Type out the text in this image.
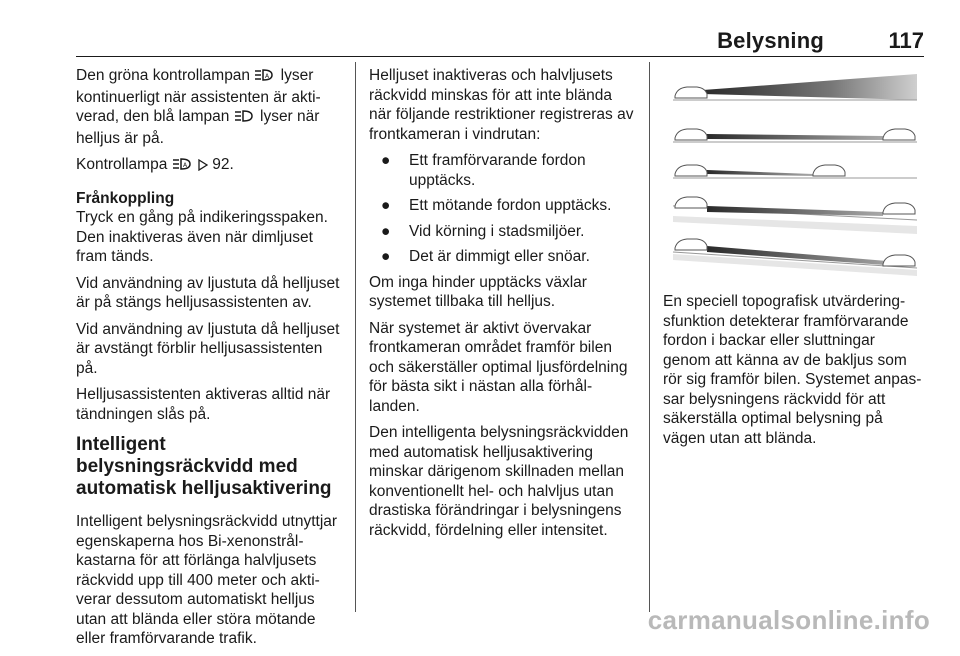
Belysning	117

Den gröna kontrollampan A lyser kontinuerligt när assistenten är aktiverad, den blå lampan  lyser när helljus är på.

Kontrollampa A 92.

Frånkoppling

Tryck en gång på indikeringsspaken. Den inaktiveras även när dimljuset fram tänds.

Vid användning av ljustuta då helljuset är på stängs helljusassistenten av.

Vid användning av ljustuta då helljuset är avstängt förblir helljusassistenten på.

Helljusassistenten aktiveras alltid när tändningen slås på.

Intelligent belysningsräckvidd med automatisk helljusaktivering

Intelligent belysningsräckvidd utnyttjar egenskaperna hos Bi-xenonstrålkastarna för att förlänga halvljusets räckvidd upp till 400 meter och aktiverar dessutom automatiskt helljus utan att blända eller störa mötande eller framförvarande trafik.

Helljuset inaktiveras och halvljusets räckvidd minskas för att inte blända när följande restriktioner registreras av frontkameran i vindrutan:

● Ett framförvarande fordon upptäcks.
● Ett mötande fordon upptäcks.
● Vid körning i stadsmiljöer.
● Det är dimmigt eller snöar.

Om inga hinder upptäcks växlar systemet tillbaka till helljus.

När systemet är aktivt övervakar frontkameran området framför bilen och säkerställer optimal ljusfördelning för bästa sikt i nästan alla förhållanden.

Den intelligenta belysningsräckvidden med automatisk helljusaktivering minskar därigenom skillnaden mellan konventionellt hel- och halvljus utan drastiska förändringar i belysningens räckvidd, fördelning eller intensitet.

En speciell topografisk utvärderingsfunktion detekterar framförvarande fordon i backar eller sluttningar genom att känna av de bakljus som rör sig framför bilen. Systemet anpassar belysningens räckvidd för att säkerställa optimal belysning på vägen utan att blända.

carmanualsonline.info
